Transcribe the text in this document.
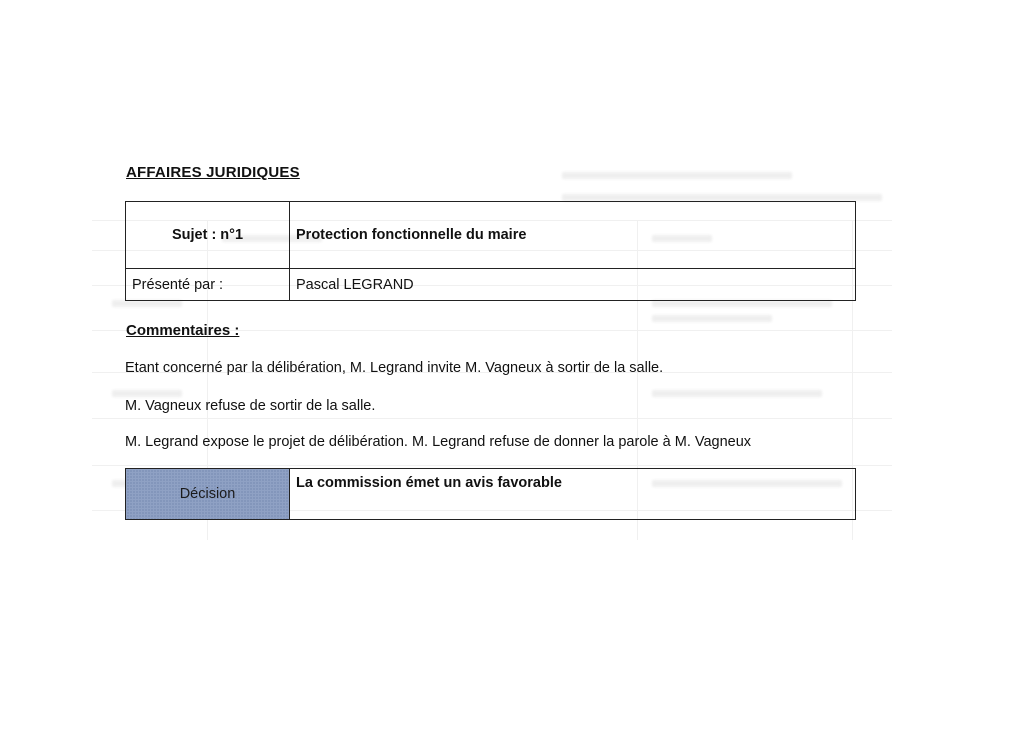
AFFAIRES JURIDIQUES
Sujet : n°1	Protection fonctionnelle du maire
Présenté par :	Pascal LEGRAND
Commentaires :
Etant concerné par la délibération, M. Legrand invite M. Vagneux à sortir de la salle.
M. Vagneux refuse de sortir de la salle.
M. Legrand expose le projet de délibération. M. Legrand refuse de donner la parole à M. Vagneux
Décision	La commission émet un avis favorable
